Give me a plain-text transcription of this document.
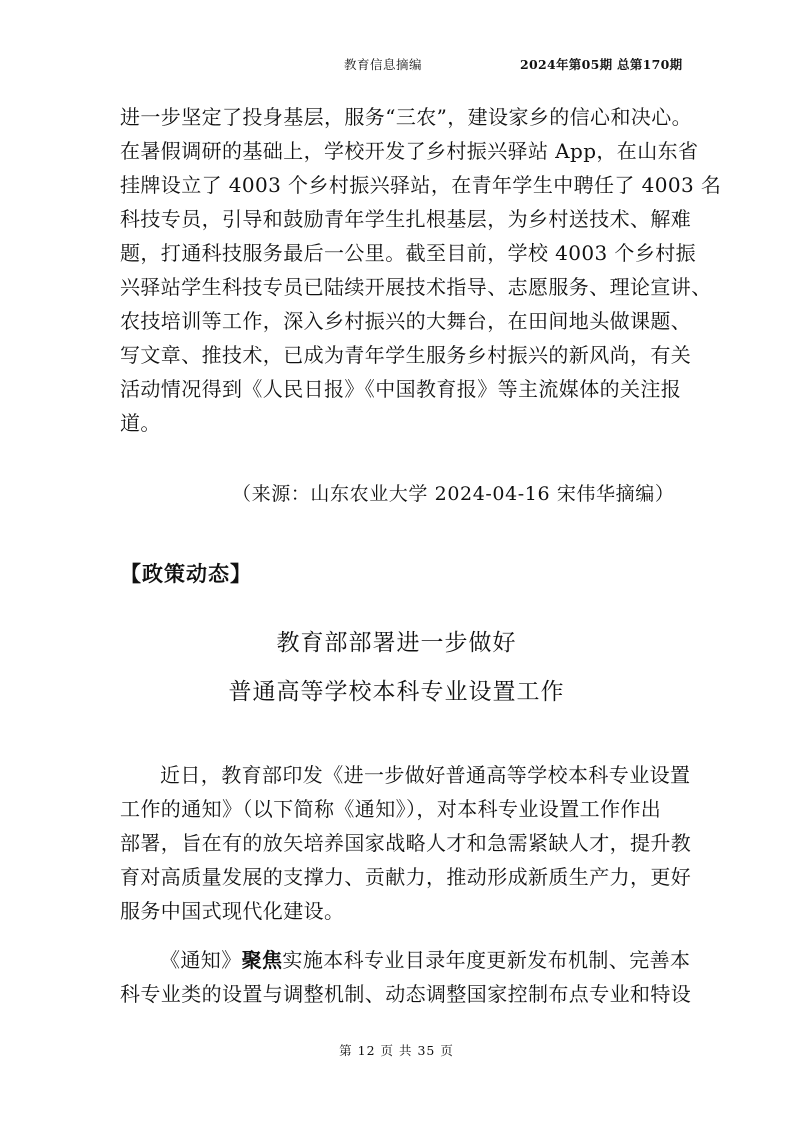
教育信息摘编	2024年第05期 总第170期
进一步坚定了投身基层，服务“三农”，建设家乡的信心和决心。
在暑假调研的基础上，学校开发了乡村振兴驿站 App，在山东省
挂牌设立了 4003 个乡村振兴驿站，在青年学生中聘任了 4003 名
科技专员，引导和鼓励青年学生扎根基层，为乡村送技术、解难
题，打通科技服务最后一公里。截至目前，学校 4003 个乡村振
兴驿站学生科技专员已陆续开展技术指导、志愿服务、理论宣讲、
农技培训等工作，深入乡村振兴的大舞台，在田间地头做课题、
写文章、推技术，已成为青年学生服务乡村振兴的新风尚，有关
活动情况得到《人民日报》《中国教育报》等主流媒体的关注报
道。
（来源：山东农业大学 2024-04-16 宋伟华摘编）
【政策动态】
教育部部署进一步做好
普通高等学校本科专业设置工作
近日，教育部印发《进一步做好普通高等学校本科专业设置
工作的通知》（以下简称《通知》），对本科专业设置工作作出
部署，旨在有的放矢培养国家战略人才和急需紧缺人才，提升教
育对高质量发展的支撑力、贡献力，推动形成新质生产力，更好
服务中国式现代化建设。
《通知》聚焦实施本科专业目录年度更新发布机制、完善本
科专业类的设置与调整机制、动态调整国家控制布点专业和特设
第 12 页 共 35 页
